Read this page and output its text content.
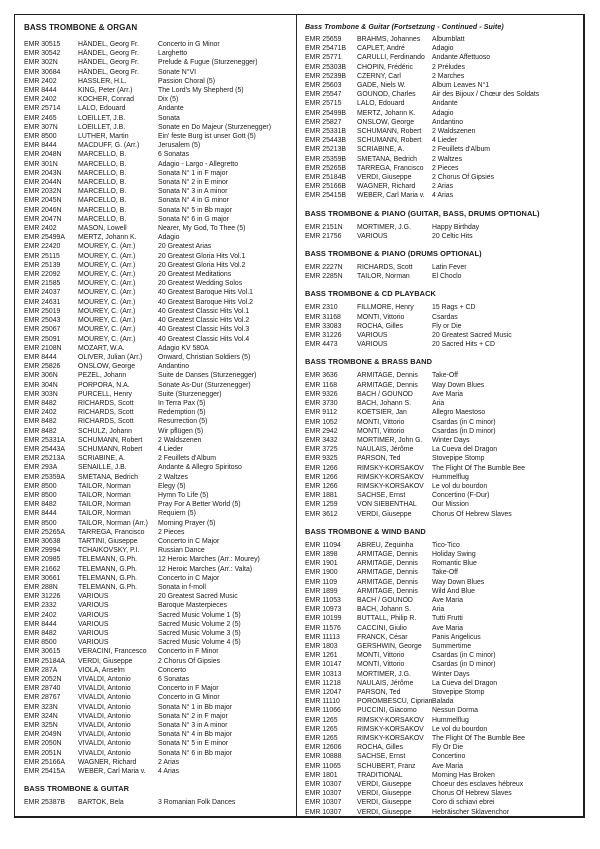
BASS TROMBONE & ORGAN
EMR 30515	HÄNDEL, Georg Fr.	Concerto in G Minor
EMR 30542	HÄNDEL, Georg Fr.	Larghetto
EMR 302N	HÄNDEL, Georg Fr.	Prelude & Fugue (Sturzenegger)
EMR 30684	HÄNDEL, Georg Fr.	Sonate N°VI
EMR 2402	HASSLER, H.L.	Passion Choral (5)
EMR 8444	KING, Peter (Arr.)	The Lord's My Shepherd (5)
EMR 2402	KOCHER, Conrad	Dix (5)
EMR 25714	LALO, Edouard	Andante
EMR 2465	LOEILLET, J.B.	Sonata
EMR 307N	LOEILLET, J.B.	Sonate en Do Majeur (Sturzenegger)
EMR 8500	LUTHER, Martin	Ein' feste Burg ist unser Gott (5)
EMR 8444	MACDUFF, G. (Arr.)	Jerusalem (5)
EMR 2048N	MARCELLO, B.	6 Sonatas
EMR 301N	MARCELLO, B.	Adagio - Largo - Allegretto
EMR 2043N	MARCELLO, B.	Sonata N° 1 in F major
EMR 2044N	MARCELLO, B.	Sonata N° 2 in E minor
EMR 2032N	MARCELLO, B.	Sonata N° 3 in A minor
EMR 2045N	MARCELLO, B.	Sonata N° 4 in G minor
EMR 2046N	MARCELLO, B.	Sonata N° 5 in Bb major
EMR 2047N	MARCELLO, B.	Sonata N° 6 in G major
EMR 2402	MASON, Lowell	Nearer, My God, To Thee (5)
EMR 25499A	MERTZ, Johann K.	Adagio
EMR 22420	MOUREY, C. (Arr.)	20 Greatest Arias
EMR 25115	MOUREY, C. (Arr.)	20 Greatest Gloria Hits Vol.1
EMR 25139	MOUREY, C. (Arr.)	20 Greatest Gloria Hits Vol.2
EMR 22092	MOUREY, C. (Arr.)	20 Greatest Meditations
EMR 21585	MOUREY, C. (Arr.)	20 Greatest Wedding Solos
EMR 24037	MOUREY, C. (Arr.)	40 Greatest Baroque Hits Vol.1
EMR 24631	MOUREY, C. (Arr.)	40 Greatest Baroque Hits Vol.2
EMR 25019	MOUREY, C. (Arr.)	40 Greatest Classic Hits Vol.1
EMR 25043	MOUREY, C. (Arr.)	40 Greatest Classic Hits Vol.2
EMR 25067	MOUREY, C. (Arr.)	40 Greatest Classic Hits Vol.3
EMR 25091	MOUREY, C. (Arr.)	40 Greatest Classic Hits Vol.4
EMR 2108N	MOZART, W.A.	Adagio KV 580A
EMR 8444	OLIVER, Julian (Arr.)	Onward, Christian Soldiers (5)
EMR 25826	ONSLOW, George	Andantino
EMR 306N	PEZEL, Johann	Suite de Danses (Sturzenegger)
EMR 304N	PORPORA, N.A.	Sonate As-Dur (Sturzenegger)
EMR 303N	PURCELL, Henry	Suite (Sturzenegger)
EMR 8482	RICHARDS, Scott	In Terra Pax (5)
EMR 2402	RICHARDS, Scott	Redemption (5)
EMR 8482	RICHARDS, Scott	Resurrection (5)
EMR 8482	SCHULZ, Johann	Wir pflügen (5)
EMR 25331A	SCHUMANN, Robert	2 Waldszenen
EMR 25443A	SCHUMANN, Robert	4 Lieder
EMR 25213A	SCRIABINE, A.	2 Feuillets d'Album
EMR 293A	SENAILLE, J.B.	Andante & Allegro Spiritoso
EMR 25359A	SMETANA, Bedrich	2 Waltzes
EMR 8500	TAILOR, Norman	Elegy (5)
EMR 8500	TAILOR, Norman	Hymn To Life (5)
EMR 8482	TAILOR, Norman	Pray For A Better World (5)
EMR 8444	TAILOR, Norman	Requiem (5)
EMR 8500	TAILOR, Norman (Arr.)	Morning Prayer (5)
EMR 25265A	TARREGA, Francisco	2 Pieces
EMR 30638	TARTINI, Giuseppe	Concerto in C Major
EMR 29994	TCHAIKOVSKY, P.I.	Russian Dance
EMR 20985	TELEMANN, G.Ph.	12 Heroic Marches (Arr.: Mourey)
EMR 21662	TELEMANN, G.Ph.	12 Heroic Marches (Arr.: Valta)
EMR 30661	TELEMANN, G.Ph.	Concerto in C Major
EMR 288N	TELEMANN, G.Ph.	Sonata in f-moll
EMR 31226	VARIOUS	20 Greatest Sacred Music
EMR 2332	VARIOUS	Baroque Masterpieces
EMR 2402	VARIOUS	Sacred Music Volume 1 (5)
EMR 8444	VARIOUS	Sacred Music Volume 2 (5)
EMR 8482	VARIOUS	Sacred Music Volume 3 (5)
EMR 8500	VARIOUS	Sacred Music Volume 4 (5)
EMR 30615	VERACINI, Francesco	Concerto in F Minor
EMR 25184A	VERDI, Giuseppe	2 Chorus Of Gipsies
EMR 287A	VIOLA, Anselm	Concerto
EMR 2052N	VIVALDI, Antonio	6 Sonatas
EMR 28740	VIVALDI, Antonio	Concerto in F Major
EMR 28767	VIVALDI, Antonio	Concerto in G Minor
EMR 323N	VIVALDI, Antonio	Sonata N° 1 in Bb major
EMR 324N	VIVALDI, Antonio	Sonata N° 2 in F major
EMR 325N	VIVALDI, Antonio	Sonata N° 3 in A minor
EMR 2049N	VIVALDI, Antonio	Sonata N° 4 in Bb major
EMR 2050N	VIVALDI, Antonio	Sonata N° 5 in E minor
EMR 2051N	VIVALDI, Antonio	Sonata N° 6 in Bb major
EMR 25166A	WAGNER, Richard	2 Arias
EMR 25415A	WEBER, Carl Maria v.	4 Arias
BASS TROMBONE & GUITAR
EMR 25387B	BARTOK, Bela	3 Romanian Folk Dances
Bass Trombone & Guitar (Fortsetzung - Continued - Suite)
EMR 25659	BRAHMS, Johannes	Albumblatt
EMR 25471B	CAPLET, André	Adagio
EMR 25771	CARULLI, Ferdinando	Andante Affettuoso
EMR 25303B	CHOPIN, Frédéric	2 Préludes
EMR 25239B	CZERNY, Carl	2 Marches
EMR 25603	GADE, Niels W.	Album Leaves N°1
EMR 25547	GOUNOD, Charles	Air des Bijoux / Chœur des Soldats
EMR 25715	LALO, Edouard	Andante
EMR 25499B	MERTZ, Johann K.	Adagio
EMR 25827	ONSLOW, George	Andantino
EMR 25331B	SCHUMANN, Robert	2 Waldszenen
EMR 25443B	SCHUMANN, Robert	4 Lieder
EMR 25213B	SCRIABINE, A.	2 Feuillets d'Album
EMR 25359B	SMETANA, Bedrich	2 Waltzes
EMR 25265B	TARREGA, Francisco	2 Pieces
EMR 25184B	VERDI, Giuseppe	2 Chorus Of Gipsies
EMR 25166B	WAGNER, Richard	2 Arias
EMR 25415B	WEBER, Carl Maria v.	4 Arias
BASS TROMBONE & PIANO (GUITAR, BASS, DRUMS OPTIONAL)
EMR 2151N	MORTIMER, J.G.	Happy Birthday
EMR 21756	VARIOUS	20 Celtic Hits
BASS TROMBONE & PIANO (DRUMS OPTIONAL)
EMR 2227N	RICHARDS, Scott	Latin Fever
EMR 2285N	TAILOR, Norman	El Choclo
BASS TROMBONE & CD PLAYBACK
EMR 2310	FILLMORE, Henry	15 Rags + CD
EMR 31168	MONTI, Vittorio	Csardas
EMR 33083	ROCHA, Gilles	Fly or Die
EMR 31226	VARIOUS	20 Greatest Sacred Music
EMR 4473	VARIOUS	20 Sacred Hits + CD
BASS TROMBONE & BRASS BAND
EMR 3636	ARMITAGE, Dennis	Take-Off
EMR 1168	ARMITAGE, Dennis	Way Down Blues
EMR 9326	BACH / GOUNOD	Ave Maria
EMR 3730	BACH, Johann S.	Aria
EMR 9112	KOETSIER, Jan	Allegro Maestoso
EMR 1052	MONTI, Vittorio	Csardas (in C minor)
EMR 2942	MONTI, Vittorio	Csardas (in D minor)
EMR 3432	MORTIMER, John G.	Winter Days
EMR 3725	NAULAIS, Jérôme	La Cueva del Dragon
EMR 9325	PARSON, Ted	Stovepipe Stomp
EMR 1266	RIMSKY-KORSAKOV	The Flight Of The Bumble Bee
EMR 1266	RIMSKY-KORSAKOV	Hummelflug
EMR 1266	RIMSKY-KORSAKOV	Le vol du bourdon
EMR 1881	SACHSE, Ernst	Concertino (F-Dur)
EMR 1259	VON SIEBENTHAL	Our Mission
EMR 3612	VERDI, Giuseppe	Chorus Of Hebrew Slaves
BASS TROMBONE & WIND BAND
EMR 11094	ABREU, Zequinha	Tico-Tico
EMR 1898	ARMITAGE, Dennis	Holiday Swing
EMR 1901	ARMITAGE, Dennis	Romantic Blue
EMR 1900	ARMITAGE, Dennis	Take-Off
EMR 1109	ARMITAGE, Dennis	Way Down Blues
EMR 1899	ARMITAGE, Dennis	Wild And Blue
EMR 11053	BACH / GOUNOD	Ave Maria
EMR 10973	BACH, Johann S.	Aria
EMR 10199	BUTTALL, Philip R.	Tutti Frutti
EMR 11576	CACCINI, Giulio	Ave Maria
EMR 11113	FRANCK, César	Panis Angelicus
EMR 1803	GERSHWIN, George	Summertime
EMR 1261	MONTI, Vittorio	Csardas (in C minor)
EMR 10147	MONTI, Vittorio	Csardas (in D minor)
EMR 10313	MORTIMER, J.G.	Winter Days
EMR 11218	NAULAIS, Jérôme	La Cueva del Dragon
EMR 12047	PARSON, Ted	Stovepipe Stomp
EMR 11110	POROMBESCU, Ciprian Balada
EMR 11066	PUCCINI, Giacomo	Nessun Dorma
EMR 1265	RIMSKY-KORSAKOV	Hummelflug
EMR 1265	RIMSKY-KORSAKOV	Le vol du bourdon
EMR 1265	RIMSKY-KORSAKOV	The Flight Of The Bumble Bee
EMR 12606	ROCHA, Gilles	Fly Or Die
EMR 10888	SACHSE, Ernst	Concertino
EMR 11065	SCHUBERT, Franz	Ave Maria
EMR 1801	TRADITIONAL	Morning Has Broken
EMR 10307	VERDI, Giuseppe	Choeur des esclaves hébreux
EMR 10307	VERDI, Giuseppe	Chorus Of Hebrew Slaves
EMR 10307	VERDI, Giuseppe	Coro di schiavi ebrei
EMR 10307	VERDI, Giuseppe	Hebräischer Sklavenchor
